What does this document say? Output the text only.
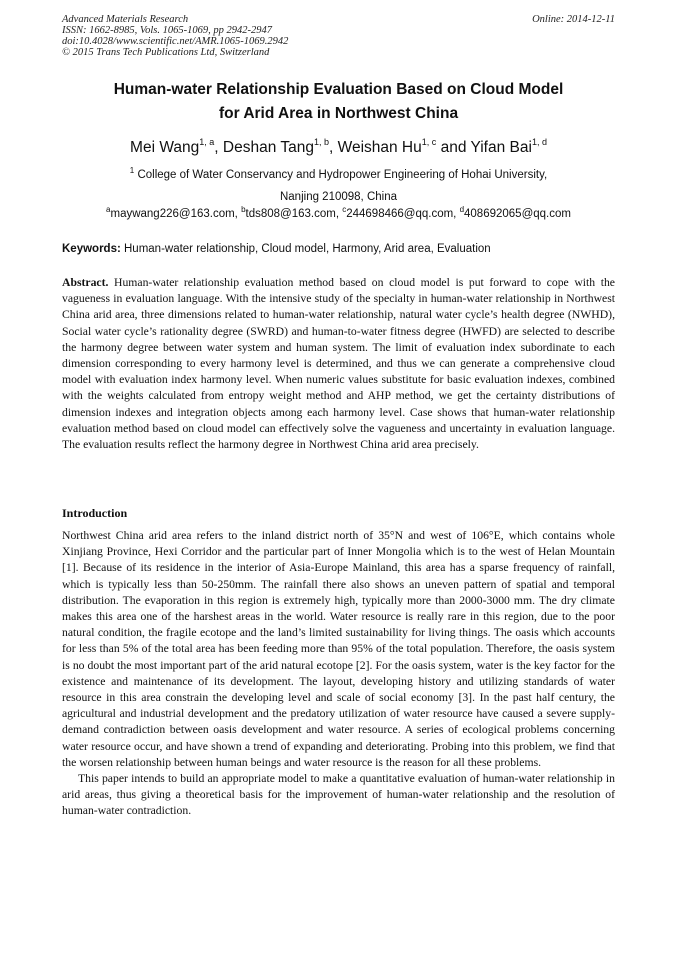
Advanced Materials Research
ISSN: 1662-8985, Vols. 1065-1069, pp 2942-2947
doi:10.4028/www.scientific.net/AMR.1065-1069.2942
© 2015 Trans Tech Publications Ltd, Switzerland
Online: 2014-12-11
Human-water Relationship Evaluation Based on Cloud Model
for Arid Area in Northwest China
Mei Wang$^{1, a}$, Deshan Tang$^{1, b}$, Weishan Hu$^{1, c}$ and Yifan Bai$^{1, d}$
$^1$ College of Water Conservancy and Hydropower Engineering of Hohai University,
Nanjing 210098, China
$^a$maywang226@163.com, $^b$tds808@163.com, $^c$244698466@qq.com, $^d$408692065@qq.com
Keywords: Human-water relationship, Cloud model, Harmony, Arid area, Evaluation
Abstract. Human-water relationship evaluation method based on cloud model is put forward to cope with the vagueness in evaluation language. With the intensive study of the specialty in human-water relationship in Northwest China arid area, three dimensions related to human-water relationship, natural water cycle’s health degree (NWHD), Social water cycle’s rationality degree (SWRD) and human-to-water fitness degree (HWFD) are selected to describe the harmony degree between water system and human system. The limit of evaluation index subordinate to each dimension corresponding to every harmony level is determined, and thus we can generate a comprehensive cloud model with evaluation index harmony level. When numeric values substitute for basic evaluation indexes, combined with the weights calculated from entropy weight method and AHP method, we get the certainty distributions of dimension indexes and integration objects among each harmony level. Case shows that human-water relationship evaluation method based on cloud model can effectively solve the vagueness and uncertainty in evaluation language. The evaluation results reflect the harmony degree in Northwest China arid area precisely.
Introduction

Northwest China arid area refers to the inland district north of 35°N and west of 106°E, which contains whole Xinjiang Province, Hexi Corridor and the particular part of Inner Mongolia which is to the west of Helan Mountain [1]. Because of its residence in the interior of Asia-Europe Mainland, this area has a sparse frequency of rainfall, which is typically less than 50-250mm. The rainfall there also shows an uneven pattern of spatial and temporal distribution. The evaporation in this region is extremely high, typically more than 2000-3000 mm. The dry climate makes this area one of the harshest areas in the world. Water resource is really rare in this region, due to the poor natural condition, the fragile ecotope and the land’s limited sustainability for living things. The oasis which accounts for less than 5% of the total area has been feeding more than 95% of the total population. Therefore, the oasis system is no doubt the most important part of the arid natural ecotope [2]. For the oasis system, water is the key factor for the existence and maintenance of its development. The layout, developing history and utilizing standards of water resource in this area constrain the developing level and scale of social economy [3]. In the past half century, the agricultural and industrial development and the predatory utilization of water resource have caused a severe supply-demand contradiction between oasis development and water resource. A series of ecological problems concerning water resource occur, and have shown a trend of expanding and deteriorating. Probing into this problem, we find that the worsen relationship between human beings and water resource is the reason for all these problems.

This paper intends to build an appropriate model to make a quantitative evaluation of human-water relationship in arid areas, thus giving a theoretical basis for the improvement of human-water relationship and the resolution of human-water contradiction.
